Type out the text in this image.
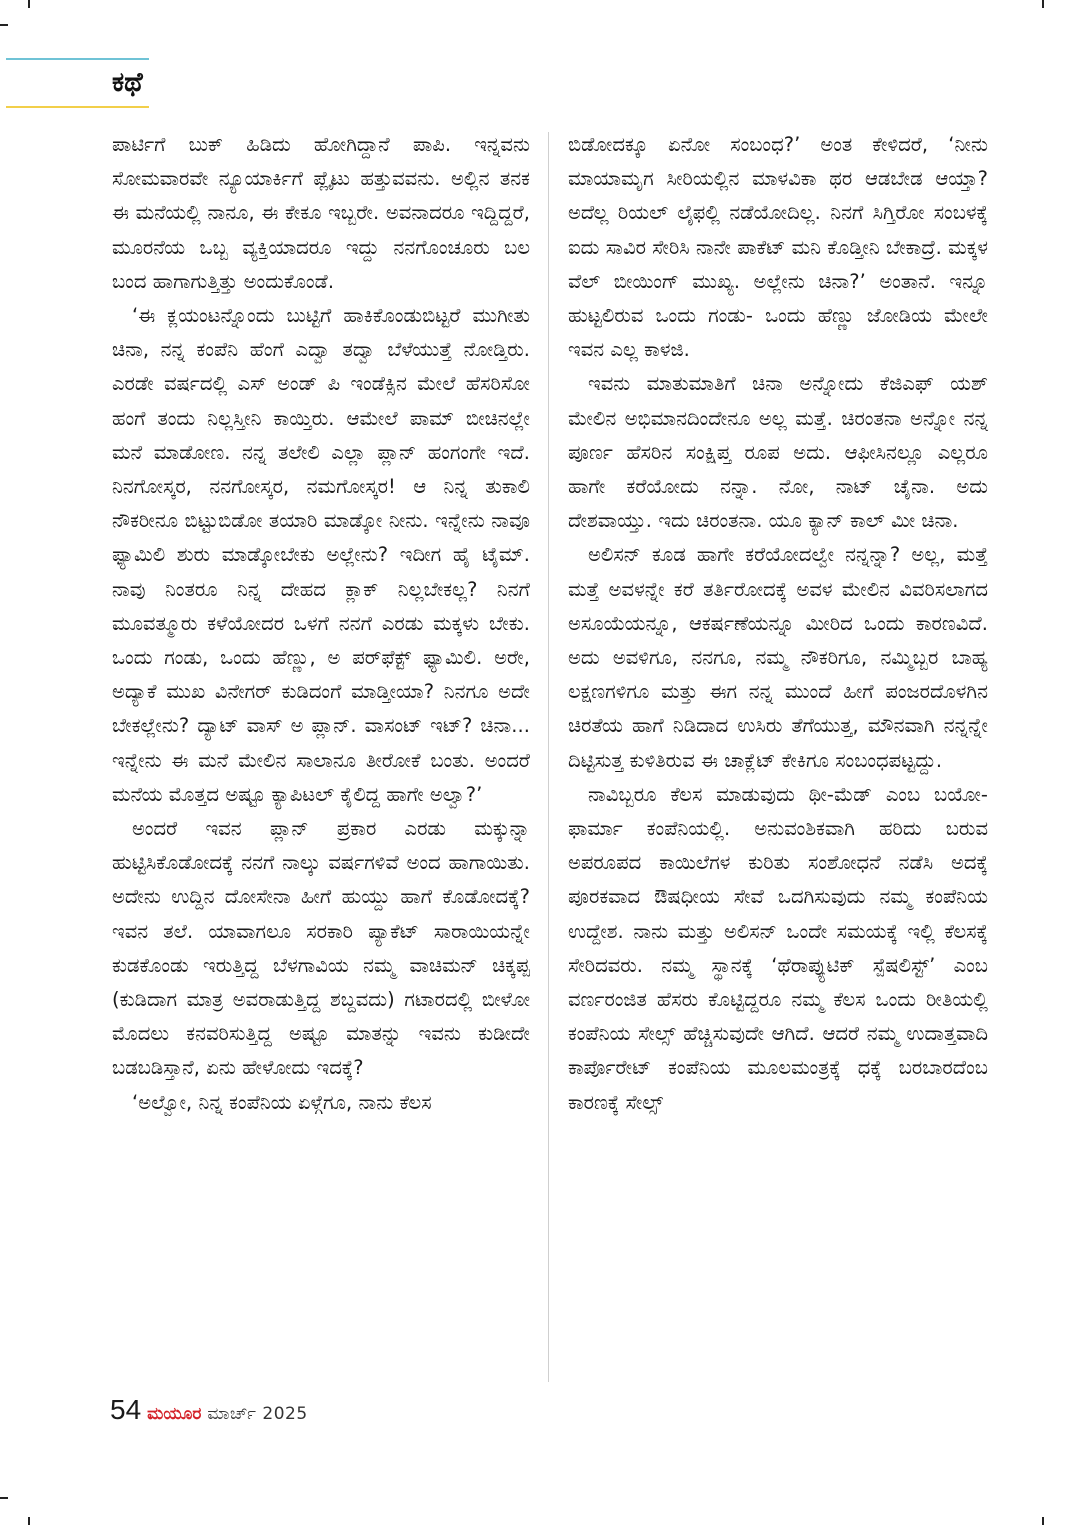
ಕಥೆ

ಪಾರ್ಟಿಗೆ ಬುಕ್ ಹಿಡಿದು ಹೋಗಿದ್ದಾನೆ ಪಾಪಿ. ಇನ್ನವನು ಸೋಮವಾರವೇ ನ್ಯೂಯಾರ್ಕಿಗೆ ಪ್ಲೈಟು ಹತ್ತುವವನು. ಅಲ್ಲಿನ ತನಕ ಈ ಮನೆಯಲ್ಲಿ ನಾನೂ, ಈ ಕೇಕೂ ಇಬ್ಬರೇ. ಅವನಾದರೂ ಇದ್ದಿದ್ದರೆ, ಮೂರನೆಯ ಒಬ್ಬ ವ್ಯಕ್ತಿಯಾದರೂ ಇದ್ದು ನನಗೊಂಚೂರು ಬಲ ಬಂದ ಹಾಗಾಗುತ್ತಿತ್ತು ಅಂದುಕೊಂಡೆ.

‘ಈ ಕ್ಲಯಂಟನ್ನೊಂದು ಬುಟ್ಟಿಗೆ ಹಾಕಿಕೊಂಡುಬಿಟ್ಟರೆ ಮುಗೀತು ಚಿನಾ, ನನ್ನ ಕಂಪೆನಿ ಹೆಂಗೆ ಎದ್ವಾ ತದ್ವಾ ಬೆಳೆಯುತ್ತೆ ನೋಡ್ತಿರು. ಎರಡೇ ವರ್ಷದಲ್ಲಿ ಎಸ್ ಅಂಡ್ ಪಿ ಇಂಡೆಕ್ಸಿನ ಮೇಲೆ ಹೆಸರಿಸೋ ಹಂಗೆ ತಂದು ನಿಲ್ಲಸ್ತೀನಿ ಕಾಯ್ತಿರು. ಆಮೇಲೆ ಪಾಮ್ ಬೀಚಿನಲ್ಲೇ ಮನೆ ಮಾಡೋಣ. ನನ್ನ ತಲೇಲಿ ಎಲ್ಲಾ ಪ್ಲಾನ್ ಹಂಗಂಗೇ ಇದೆ. ನಿನಗೋಸ್ಕರ, ನನಗೋಸ್ಕರ, ನಮಗೋಸ್ಕರ! ಆ ನಿನ್ನ ತುಕಾಲಿ ನೌಕರೀನೂ ಬಿಟ್ಟುಬಿಡೋ ತಯಾರಿ ಮಾಡ್ಕೋ ನೀನು. ಇನ್ನೇನು ನಾವೂ ಫ್ಯಾಮಿಲಿ ಶುರು ಮಾಡ್ಕೋಬೇಕು ಅಲ್ಲೇನು? ಇದೀಗ ಹೈ ಟೈಮ್. ನಾವು ನಿಂತರೂ ನಿನ್ನ ದೇಹದ ಕ್ಲಾಕ್ ನಿಲ್ಲಬೇಕಲ್ಲ? ನಿನಗೆ ಮೂವತ್ಮೂರು ಕಳೆಯೋದರ ಒಳಗೆ ನನಗೆ ಎರಡು ಮಕ್ಕಳು ಬೇಕು. ಒಂದು ಗಂಡು, ಒಂದು ಹೆಣ್ಣು, ಅ ಪರ್‌ಫೆಕ್ಟ್ ಫ್ಯಾಮಿಲಿ. ಅರೇ, ಅದ್ಯಾಕೆ ಮುಖ ವಿನೇಗರ್ ಕುಡಿದಂಗೆ ಮಾಡ್ತೀಯಾ? ನಿನಗೂ ಅದೇ ಬೇಕಲ್ಲೇನು? ದ್ಯಾಟ್ ವಾಸ್ ಅ ಪ್ಲಾನ್. ವಾಸಂಟ್ ಇಟ್? ಚಿನಾ... ಇನ್ನೇನು ಈ ಮನೆ ಮೇಲಿನ ಸಾಲಾನೂ ತೀರೋಕೆ ಬಂತು. ಅಂದರೆ ಮನೆಯ ಮೊತ್ತದ ಅಷ್ಟೂ ಕ್ಯಾಪಿಟಲ್ ಕೈಲಿದ್ದ ಹಾಗೇ ಅಲ್ವಾ?’

ಅಂದರೆ ಇವನ ಪ್ಲಾನ್ ಪ್ರಕಾರ ಎರಡು ಮಕ್ಕುನ್ನಾ ಹುಟ್ಟಿಸಿಕೊಡೋದಕ್ಕೆ ನನಗೆ ನಾಲ್ಕು ವರ್ಷಗಳಿವೆ ಅಂದ ಹಾಗಾಯಿತು. ಅದೇನು ಉದ್ದಿನ ದೋಸೇನಾ ಹೀಗೆ ಹುಯ್ದು ಹಾಗೆ ಕೊಡೋದಕ್ಕೆ? ಇವನ ತಲೆ. ಯಾವಾಗಲೂ ಸರಕಾರಿ ಪ್ಯಾಕೆಟ್ ಸಾರಾಯಿಯನ್ನೇ ಕುಡಕೊಂಡು ಇರುತ್ತಿದ್ದ ಬೆಳಗಾವಿಯ ನಮ್ಮ ವಾಚಿಮನ್ ಚಿಕ್ಕಪ್ಪ (ಕುಡಿದಾಗ ಮಾತ್ರ ಅವರಾಡುತ್ತಿದ್ದ ಶಬ್ದವದು) ಗಟಾರದಲ್ಲಿ ಬೀಳೋ ಮೊದಲು ಕನವರಿಸುತ್ತಿದ್ದ ಅಷ್ಟೂ ಮಾತನ್ನು ಇವನು ಕುಡೀದೇ ಬಡಬಡಿಸ್ತಾನೆ, ಏನು ಹೇಳೋದು ಇದಕ್ಕೆ?

‘ಅಲ್ವೋ, ನಿನ್ನ ಕಂಪೆನಿಯ ಏಳ್ಗೆಗೂ, ನಾನು ಕೆಲಸ

ಬಿಡೋದಕ್ಕೂ ಏನೋ ಸಂಬಂಧ?’ ಅಂತ ಕೇಳಿದರೆ, ‘ನೀನು ಮಾಯಾಮೃಗ ಸೀರಿಯಲ್ಲಿನ ಮಾಳವಿಕಾ ಥರ ಆಡಬೇಡ ಆಯ್ತಾ? ಅದೆಲ್ಲ ರಿಯಲ್ ಲೈಫಲ್ಲಿ ನಡೆಯೋದಿಲ್ಲ. ನಿನಗೆ ಸಿಗ್ತಿರೋ ಸಂಬಳಕ್ಕೆ ಐದು ಸಾವಿರ ಸೇರಿಸಿ ನಾನೇ ಪಾಕೆಟ್ ಮನಿ ಕೊಡ್ತೀನಿ ಬೇಕಾದ್ರೆ. ಮಕ್ಕಳ ವೆಲ್ ಬೀಯಿಂಗ್ ಮುಖ್ಯ. ಅಲ್ಲೇನು ಚಿನಾ?’ ಅಂತಾನೆ. ಇನ್ನೂ ಹುಟ್ಟಲಿರುವ ಒಂದು ಗಂಡು- ಒಂದು ಹೆಣ್ಣು ಜೋಡಿಯ ಮೇಲೇ ಇವನ ಎಲ್ಲ ಕಾಳಜಿ.

ಇವನು ಮಾತುಮಾತಿಗೆ ಚಿನಾ ಅನ್ನೋದು ಕೆಜಿಎಫ್ ಯಶ್ ಮೇಲಿನ ಅಭಿಮಾನದಿಂದೇನೂ ಅಲ್ಲ ಮತ್ತೆ. ಚಿರಂತನಾ ಅನ್ನೋ ನನ್ನ ಪೂರ್ಣ ಹೆಸರಿನ ಸಂಕ್ಷಿಪ್ತ ರೂಪ ಅದು. ಆಫೀಸಿನಲ್ಲೂ ಎಲ್ಲರೂ ಹಾಗೇ ಕರೆಯೋದು ನನ್ನಾ. ನೋ, ನಾಟ್ ಚೈನಾ. ಅದು ದೇಶವಾಯ್ತು. ಇದು ಚಿರಂತನಾ. ಯೂ ಕ್ಯಾನ್ ಕಾಲ್ ಮೀ ಚಿನಾ.

ಅಲಿಸನ್ ಕೂಡ ಹಾಗೇ ಕರೆಯೋದಲ್ವೇ ನನ್ನನ್ನಾ? ಅಲ್ಲ, ಮತ್ತೆ ಮತ್ತೆ ಅವಳನ್ನೇ ಕರೆ ತರ್ತಿರೋದಕ್ಕೆ ಅವಳ ಮೇಲಿನ ವಿವರಿಸಲಾಗದ ಅಸೂಯೆಯನ್ನೂ, ಆಕರ್ಷಣೆಯನ್ನೂ ಮೀರಿದ ಒಂದು ಕಾರಣವಿದೆ. ಅದು ಅವಳಿಗೂ, ನನಗೂ, ನಮ್ಮ ನೌಕರಿಗೂ, ನಮ್ಮಿಬ್ಬರ ಬಾಹ್ಯ ಲಕ್ಷಣಗಳಿಗೂ ಮತ್ತು ಈಗ ನನ್ನ ಮುಂದೆ ಹೀಗೆ ಪಂಜರದೊಳಗಿನ ಚಿರತೆಯ ಹಾಗೆ ನಿಡಿದಾದ ಉಸಿರು ತೆಗೆಯುತ್ತ, ಮೌನವಾಗಿ ನನ್ನನ್ನೇ ದಿಟ್ಟಿಸುತ್ತ ಕುಳಿತಿರುವ ಈ ಚಾಕ್ಲೆಟ್ ಕೇಕಿಗೂ ಸಂಬಂಧಪಟ್ಟದ್ದು.

ನಾವಿಬ್ಬರೂ ಕೆಲಸ ಮಾಡುವುದು ಥೀ-ಮೆಡ್ ಎಂಬ ಬಯೋ-ಫಾರ್ಮಾ ಕಂಪೆನಿಯಲ್ಲಿ. ಅನುವಂಶಿಕವಾಗಿ ಹರಿದು ಬರುವ ಅಪರೂಪದ ಕಾಯಿಲೆಗಳ ಕುರಿತು ಸಂಶೋಧನೆ ನಡೆಸಿ ಅದಕ್ಕೆ ಪೂರಕವಾದ ಔಷಧೀಯ ಸೇವೆ ಒದಗಿಸುವುದು ನಮ್ಮ ಕಂಪೆನಿಯ ಉದ್ದೇಶ. ನಾನು ಮತ್ತು ಅಲಿಸನ್ ಒಂದೇ ಸಮಯಕ್ಕೆ ಇಲ್ಲಿ ಕೆಲಸಕ್ಕೆ ಸೇರಿದವರು. ನಮ್ಮ ಸ್ಥಾನಕ್ಕೆ ‘ಥೆರಾಪ್ಯುಟಿಕ್ ಸ್ಪೆಷಲಿಸ್ಟ್’ ಎಂಬ ವರ್ಣರಂಜಿತ ಹೆಸರು ಕೊಟ್ಟಿದ್ದರೂ ನಮ್ಮ ಕೆಲಸ ಒಂದು ರೀತಿಯಲ್ಲಿ ಕಂಪೆನಿಯ ಸೇಲ್ಸ್ ಹೆಚ್ಚಿಸುವುದೇ ಆಗಿದೆ. ಆದರೆ ನಮ್ಮ ಉದಾತ್ತವಾದಿ ಕಾರ್ಪೊರೇಟ್ ಕಂಪೆನಿಯ ಮೂಲಮಂತ್ರಕ್ಕೆ ಧಕ್ಕೆ ಬರಬಾರದೆಂಬ ಕಾರಣಕ್ಕೆ ಸೇಲ್ಸ್

54 ಮಯೂರ ಮಾರ್ಚ್ 2025
